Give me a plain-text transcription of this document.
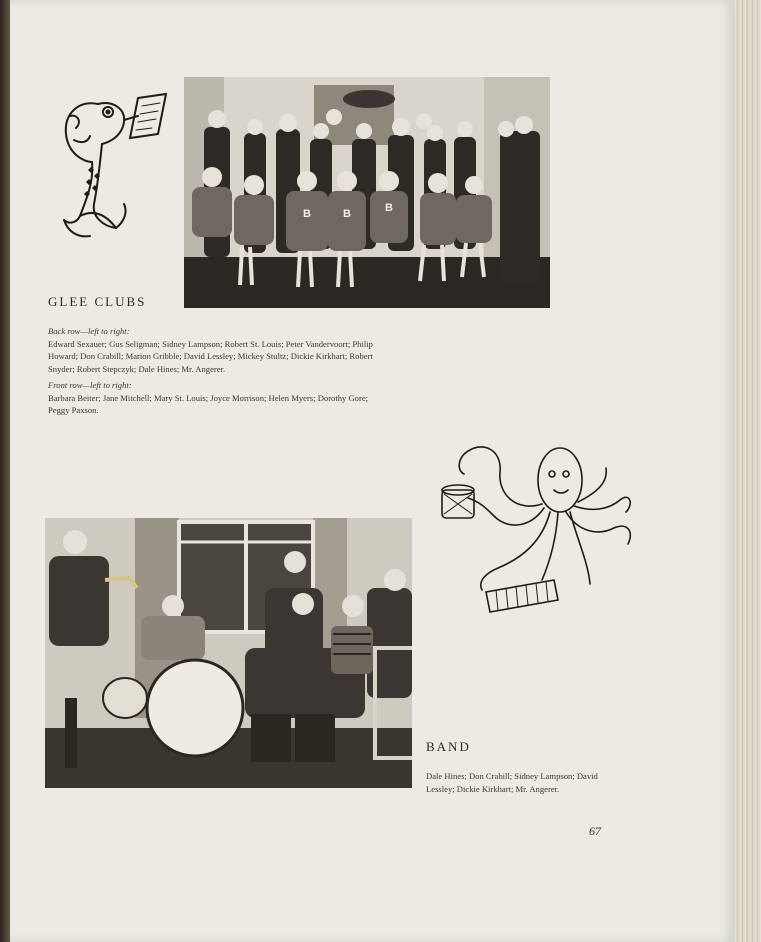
B	B	B
GLEE CLUBS
Back row—left to right:
Edward Sexauer; Gus Seligman; Sidney Lampson; Robert St. Louis; Peter Vandervoort; Philip Howard; Don Crabill; Marion Gribble; David Lessley; Mickey Stultz; Dickie Kirkhart; Robert Snyder; Robert Stepczyk; Dale Hines; Mr. Angerer.
Front row—left to right:
Barbara Beiter; Jane Mitchell; Mary St. Louis; Joyce Morrison; Helen Myers; Dorothy Gore; Peggy Paxson.
BAND
Dale Hines; Don Crabill; Sidney Lampson; David Lessley; Dickie Kirkhart; Mr. Angerer.
67
